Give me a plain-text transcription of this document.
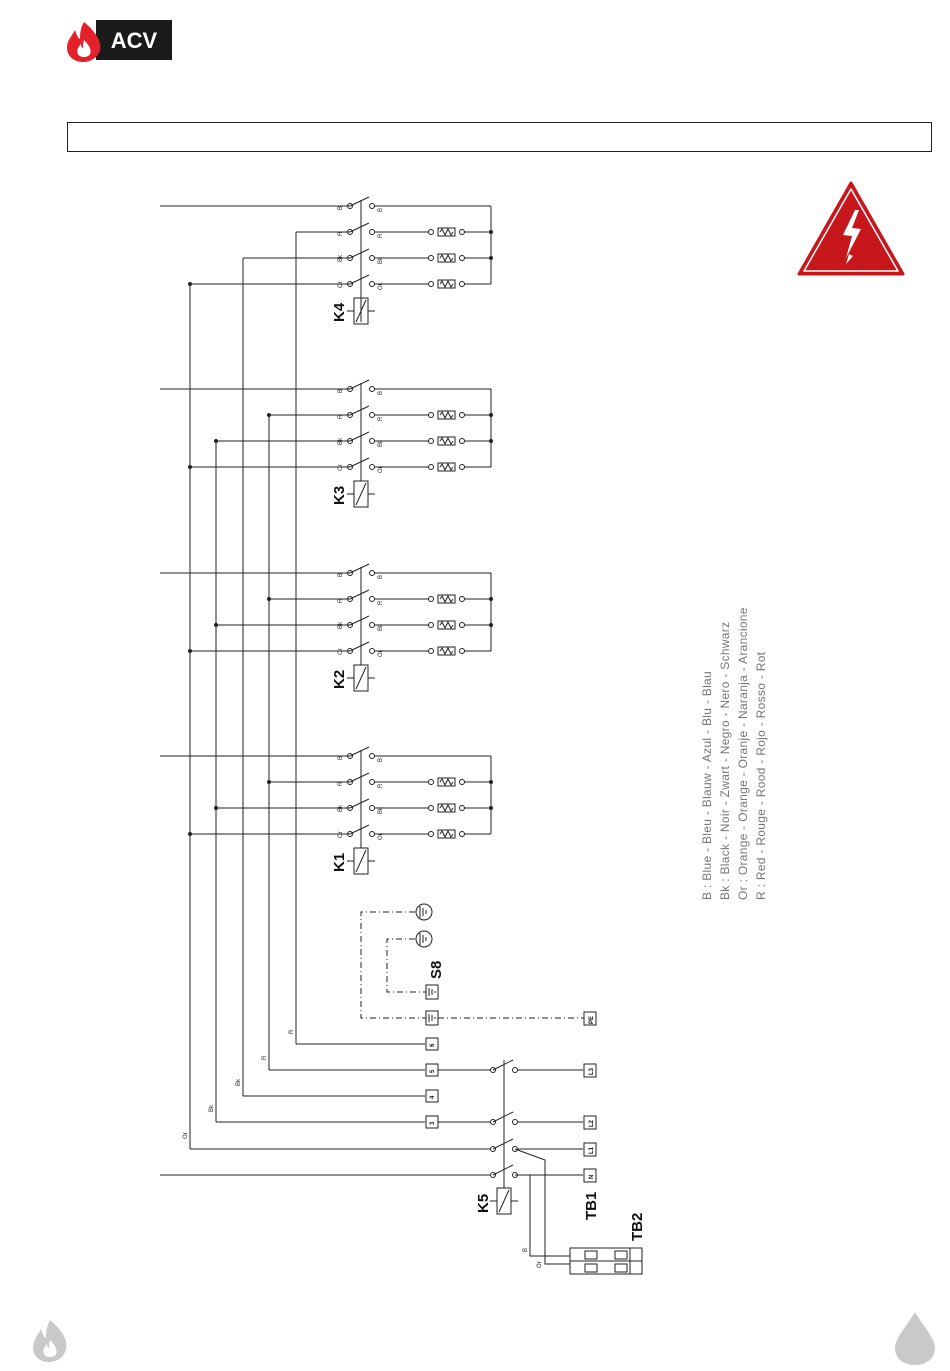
ACV
B	B
R	R
Bk	Bk
Or	Or
K4
B	B
R	R
Bk	Bk
Or	Or
K3
B	B
R	R
Bk	Bk
Or	Or
K2
B	B
R	R
Bk	Bk
Or	Or
K1
S8
K5	TB1
TB2
PE
L3
L2
L1
N
6
5
4
3
R
R
Bk
Bk
Or
B
Or
B : Blue - Bleu - Blauw - Azul - Blu - Blau Bk : Black - Noir - Zwart - Negro - Nero - Schwarz Or : Orange - Orange - Oranje - Naranja - Arancione R : Red - Rouge - Rood - Rojo - Rosso - Rot
